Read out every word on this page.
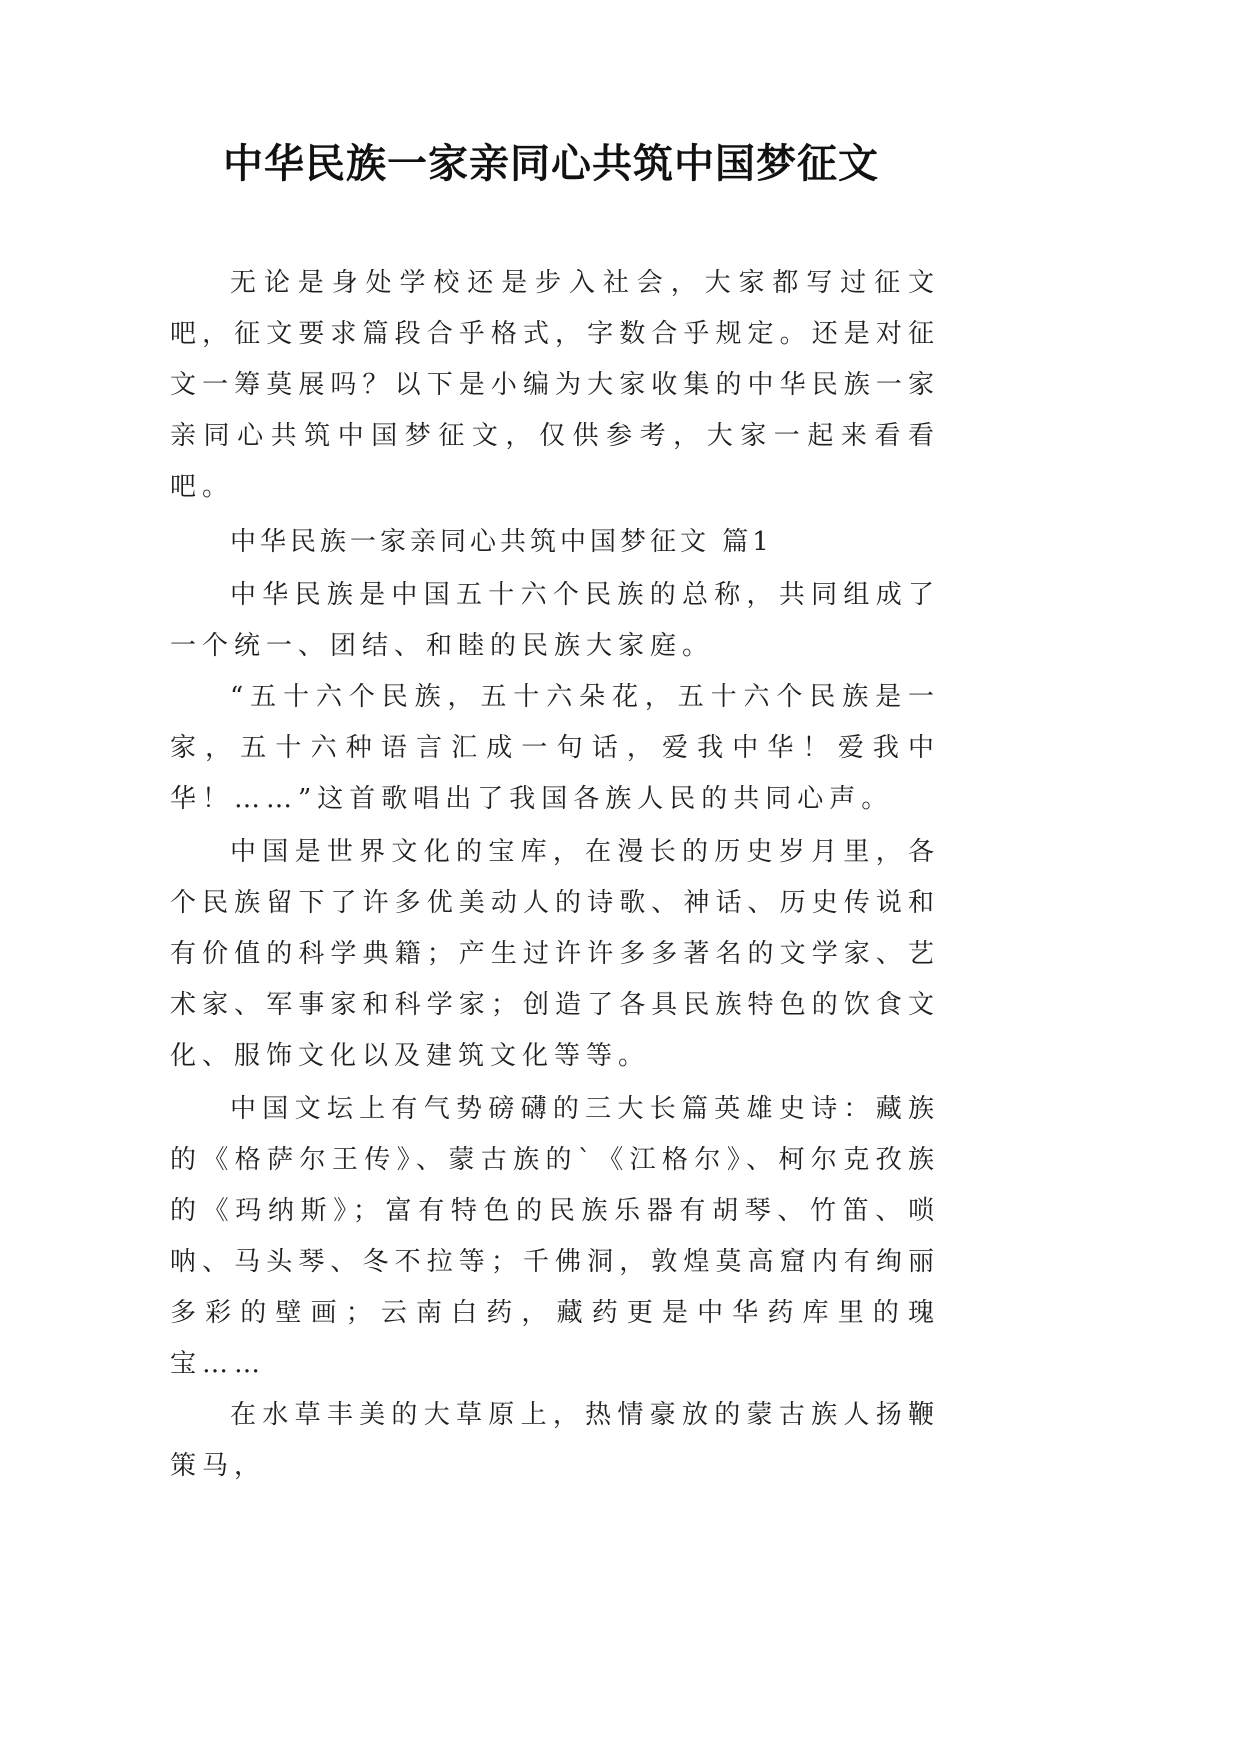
中华民族一家亲同心共筑中国梦征文

无论是身处学校还是步入社会，大家都写过征文吧，征文要求篇段合乎格式，字数合乎规定。还是对征文一筹莫展吗？以下是小编为大家收集的中华民族一家亲同心共筑中国梦征文，仅供参考，大家一起来看看吧。

中华民族一家亲同心共筑中国梦征文 篇1

中华民族是中国五十六个民族的总称，共同组成了一个统一、团结、和睦的民族大家庭。

“五十六个民族，五十六朵花，五十六个民族是一家，五十六种语言汇成一句话，爱我中华！爱我中华！……”这首歌唱出了我国各族人民的共同心声。

中国是世界文化的宝库，在漫长的历史岁月里，各个民族留下了许多优美动人的诗歌、神话、历史传说和有价值的科学典籍；产生过许许多多著名的文学家、艺术家、军事家和科学家；创造了各具民族特色的饮食文化、服饰文化以及建筑文化等等。

中国文坛上有气势磅礴的三大长篇英雄史诗：藏族的《格萨尔王传》、蒙古族的`《江格尔》、柯尔克孜族的《玛纳斯》；富有特色的民族乐器有胡琴、竹笛、唢呐、马头琴、冬不拉等；千佛洞，敦煌莫高窟内有绚丽多彩的壁画；云南白药，藏药更是中华药库里的瑰宝……

在水草丰美的大草原上，热情豪放的蒙古族人扬鞭策马，
